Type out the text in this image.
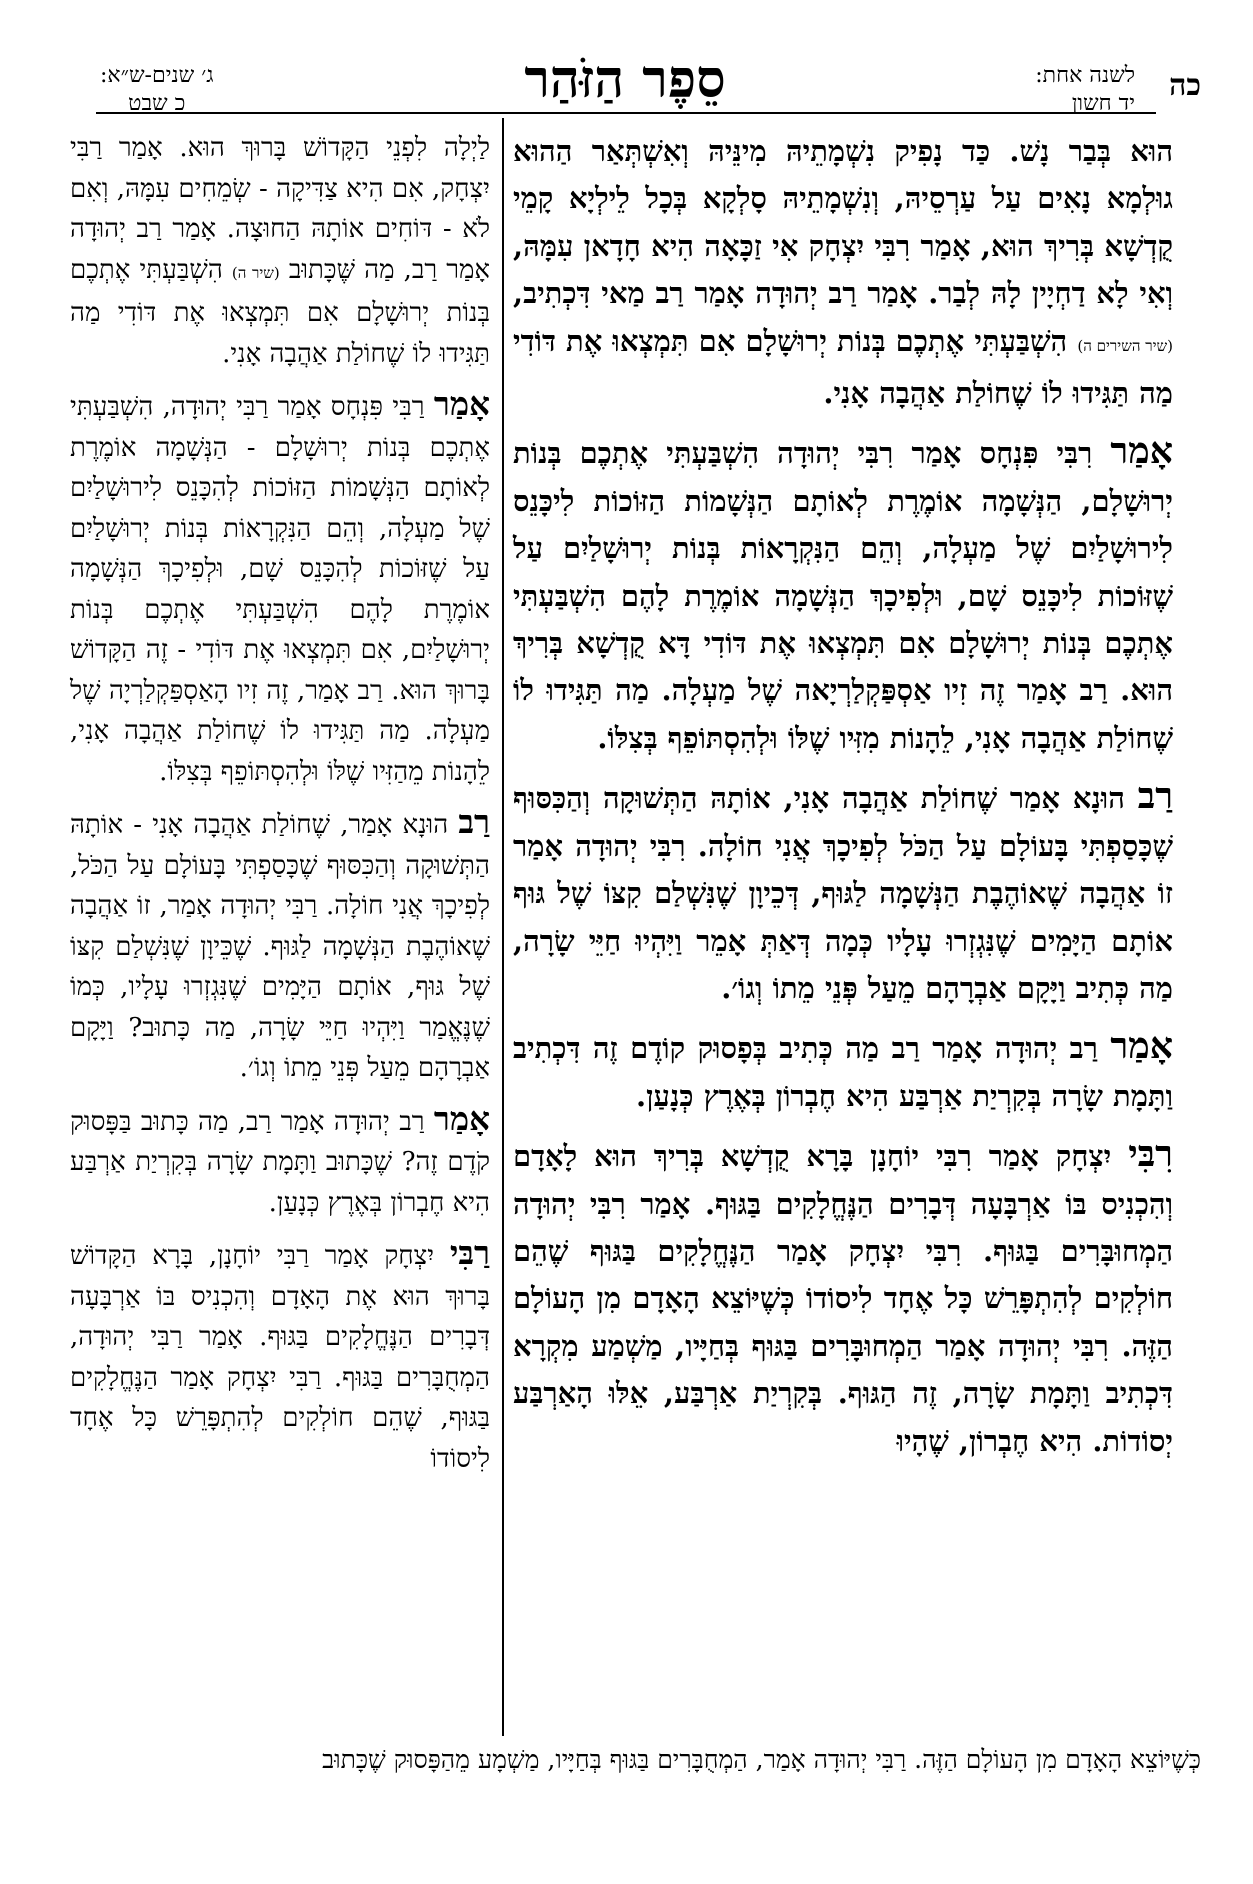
כה
לשנה אחת:
יד חשון
סֵפֶר הַזֹּהַר
ג׳ שנים-ש״א:
כ שבט

הוּא בְּבַר נָשׁ. כַּד נָפִיק נִשְׁמָתֵיהּ מִינֵּיהּ וְאִשְׁתְּאַר הַהוּא גוּלְמָא נָאִים עַל עַרְסֵיהּ, וְנִשְׁמָתֵיהּ סָלְקָא בְּכָל לֵילְיָא קָמֵי קֻדְשָׁא בְּרִיךְ הוּא, אָמַר רִבִּי יִצְחָק אִי זַכָּאָה הִיא חָדָאן עִמָּהּ, וְאִי לָא דַחְיָין לָהּ לְבַר. אָמַר רַב יְהוּדָה אָמַר רַב מַאי דִּכְתִיב, (שיר השירים ה) הִשְׁבַּעְתִּי אֶתְכֶם בְּנוֹת יְרוּשָׁלָם אִם תִּמְצְאוּ אֶת דּוֹדִי מַה תַּגִּידוּ לוֹ שֶׁחוֹלַת אַהֲבָה אָנִי.

אָמַר רִבִּי פִּנְחָס אָמַר רִבִּי יְהוּדָה הִשְׁבַּעְתִּי אֶתְכֶם בְּנוֹת יְרוּשָׁלָם, הַנְּשָׁמָה אוֹמֶרֶת לְאוֹתָם הַנְּשָׁמוֹת הַזּוֹכוֹת לִיכָּנֵס לִירוּשָׁלַיִם שֶׁל מַעְלָה, וְהֵם הַנִּקְרָאוֹת בְּנוֹת יְרוּשָׁלַיִם עַל שֶׁזּוֹכוֹת לִיכָּנֵס שָׁם, וּלְפִיכָךְ הַנְּשָׁמָה אוֹמֶרֶת לָהֶם הִשְׁבַּעְתִּי אֶתְכֶם בְּנוֹת יְרוּשָׁלָם אִם תִּמְצְאוּ אֶת דּוֹדִי דָּא קֻדְשָׁא בְּרִיךְ הוּא. רַב אָמַר זֶה זִיו אַסְפַּקְלַרְיָאה שֶׁל מַעְלָה. מַה תַּגִּידוּ לוֹ שֶׁחוֹלַת אַהֲבָה אָנִי, לֵהָנוֹת מִזִּיו שֶׁלּוֹ וּלְהִסְתּוֹפֵף בְּצִלּוֹ.

רַב הוּנָא אָמַר שֶׁחוֹלַת אַהֲבָה אָנִי, אוֹתָהּ הַתְּשׁוּקָה וְהַכִּסּוּף שֶׁכָּסַפְתִּי בָּעוֹלָם עַל הַכֹּל לְפִיכָךְ אֲנִי חוֹלָה. רִבִּי יְהוּדָה אָמַר זוֹ אַהֲבָה שֶׁאוֹהֶבֶת הַנְּשָׁמָה לַגּוּף, דְּכֵיוָן שֶׁנִּשְׁלַם קִצּוֹ שֶׁל גּוּף אוֹתָם הַיָּמִים שֶׁנִּגְזְרוּ עָלָיו כְּמָה דְּאַתְּ אָמֵר וַיִּהְיוּ חַיֵּי שָׂרָה, מַה כְּתִיב וַיָּקָם אַבְרָהָם מֵעַל פְּנֵי מֵתוֹ וְגוֹ׳.

אָמַר רַב יְהוּדָה אָמַר רַב מַה כְּתִיב בְּפָסוּק קוֹדֶם זֶה דִּכְתִיב וַתָּמָת שָׂרָה בְּקִרְיַת אַרְבַּע הִיא חֶבְרוֹן בְּאֶרֶץ כְּנָעַן.

רִבִּי יִצְחָק אָמַר רִבִּי יוֹחָנָן בָּרָא קֻדְשָׁא בְּרִיךְ הוּא לָאָדָם וְהִכְנִיס בּוֹ אַרְבָּעָה דְּבָרִים הַנֶּחֱלָקִים בַּגּוּף. אָמַר רִבִּי יְהוּדָה הַמְחוּבָּרִים בַּגּוּף. רִבִּי יִצְחָק אָמַר הַנֶּחֱלָקִים בַּגּוּף שֶׁהֵם חוֹלְקִים לְהִתְפָּרֵשׁ כָּל אֶחָד לִיסוֹדוֹ כְּשֶׁיּוֹצֵא הָאָדָם מִן הָעוֹלָם הַזֶּה. רִבִּי יְהוּדָה אָמַר הַמְחוּבָּרִים בַּגּוּף בְּחַיָּיו, מַשְׁמַע מִקְרָא דִּכְתִיב וַתָּמָת שָׂרָה, זֶה הַגּוּף. בְּקִרְיַת אַרְבַּע, אֵלּוּ הָאַרְבַּע יְסוֹדוֹת. הִיא חֶבְרוֹן, שֶׁהָיוּ

לַיְלָה לִפְנֵי הַקָּדוֹשׁ בָּרוּךְ הוּא. אָמַר רַבִּי יִצְחָק, אִם הִיא צַדִּיקָה - שְׂמֵחִים עִמָּהּ, וְאִם לֹא - דּוֹחִים אוֹתָהּ הַחוּצָה. אָמַר רַב יְהוּדָה אָמַר רַב, מַה שֶּׁכָּתוּב (שיר ה) הִשְׁבַּעְתִּי אֶתְכֶם בְּנוֹת יְרוּשָׁלָם אִם תִּמְצְאוּ אֶת דּוֹדִי מַה תַּגִּידוּ לוֹ שֶׁחוֹלַת אַהֲבָה אָנִי.

אָמַר רַבִּי פִּנְחָס אָמַר רַבִּי יְהוּדָה, הִשְׁבַּעְתִּי אֶתְכֶם בְּנוֹת יְרוּשָׁלָם - הַנְּשָׁמָה אוֹמֶרֶת לְאוֹתָם הַנְּשָׁמוֹת הַזּוֹכוֹת לְהִכָּנֵס לִירוּשָׁלַיִם שֶׁל מַעְלָה, וְהֵם הַנִּקְרָאוֹת בְּנוֹת יְרוּשָׁלַיִם עַל שֶׁזּוֹכוֹת לְהִכָּנֵס שָׁם, וּלְפִיכָךְ הַנְּשָׁמָה אוֹמֶרֶת לָהֶם הִשְׁבַּעְתִּי אֶתְכֶם בְּנוֹת יְרוּשָׁלַיִם, אִם תִּמְצְאוּ אֶת דּוֹדִי - זֶה הַקָּדוֹשׁ בָּרוּךְ הוּא. רַב אָמַר, זֶה זִיו הָאַסְפַּקְלַרְיָה שֶׁל מַעְלָה. מַה תַּגִּידוּ לוֹ שֶׁחוֹלַת אַהֲבָה אָנִי, לֵהָנוֹת מֵהַזִּיו שֶׁלּוֹ וּלְהִסְתּוֹפֵף בְּצִלּוֹ.

רַב הוּנָא אָמַר, שֶׁחוֹלַת אַהֲבָה אָנִי - אוֹתָהּ הַתְּשׁוּקָה וְהַכִּסּוּף שֶׁכָּסַפְתִּי בָּעוֹלָם עַל הַכֹּל, לְפִיכָךְ אֲנִי חוֹלָה. רַבִּי יְהוּדָה אָמַר, זוֹ אַהֲבָה שֶׁאוֹהֶבֶת הַנְּשָׁמָה לַגּוּף. שֶׁכֵּיוָן שֶׁנִּשְׁלַם קִצּוֹ שֶׁל גּוּף, אוֹתָם הַיָּמִים שֶׁנִּגְזְרוּ עָלָיו, כְּמוֹ שֶׁנֶּאֱמַר וַיִּהְיוּ חַיֵּי שָׂרָה, מַה כָּתוּב? וַיָּקָם אַבְרָהָם מֵעַל פְּנֵי מֵתוֹ וְגוֹ׳.

אָמַר רַב יְהוּדָה אָמַר רַב, מַה כָּתוּב בַּפָּסוּק קֹדֶם זֶה? שֶׁכָּתוּב וַתָּמָת שָׂרָה בְּקִרְיַת אַרְבַּע הִיא חֶבְרוֹן בְּאֶרֶץ כְּנָעַן.

רַבִּי יִצְחָק אָמַר רַבִּי יוֹחָנָן, בָּרָא הַקָּדוֹשׁ בָּרוּךְ הוּא אֶת הָאָדָם וְהִכְנִיס בּוֹ אַרְבָּעָה דְּבָרִים הַנֶּחֱלָקִים בַּגּוּף. אָמַר רַבִּי יְהוּדָה, הַמְחֻבָּרִים בַּגּוּף. רַבִּי יִצְחָק אָמַר הַנֶּחֱלָקִים בַּגּוּף, שֶׁהֵם חוֹלְקִים לְהִתְפָּרֵשׁ כָּל אֶחָד לִיסוֹדוֹ

כְּשֶׁיּוֹצֵא הָאָדָם מִן הָעוֹלָם הַזֶּה. רַבִּי יְהוּדָה אָמַר, הַמְחֻבָּרִים בַּגּוּף בְּחַיָּיו, מַשְׁמָע מֵהַפָּסוּק שֶׁכָּתוּב
